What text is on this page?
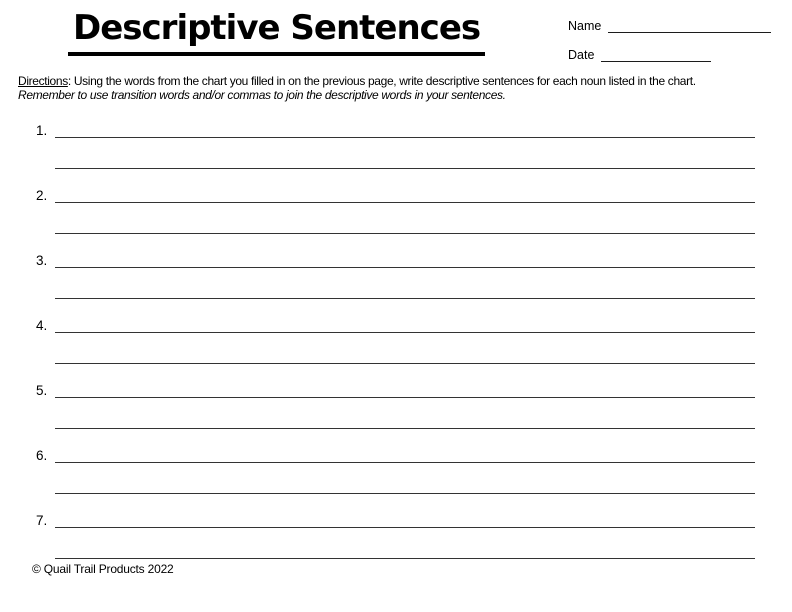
Descriptive Sentences	Name
Date
Directions: Using the words from the chart you filled in on the previous page, write descriptive sentences for each noun listed in the chart.
Remember to use transition words and/or commas to join the descriptive words in your sentences.
1.
2.
3.
4.
5.
6.
7.
© Quail Trail Products 2022
